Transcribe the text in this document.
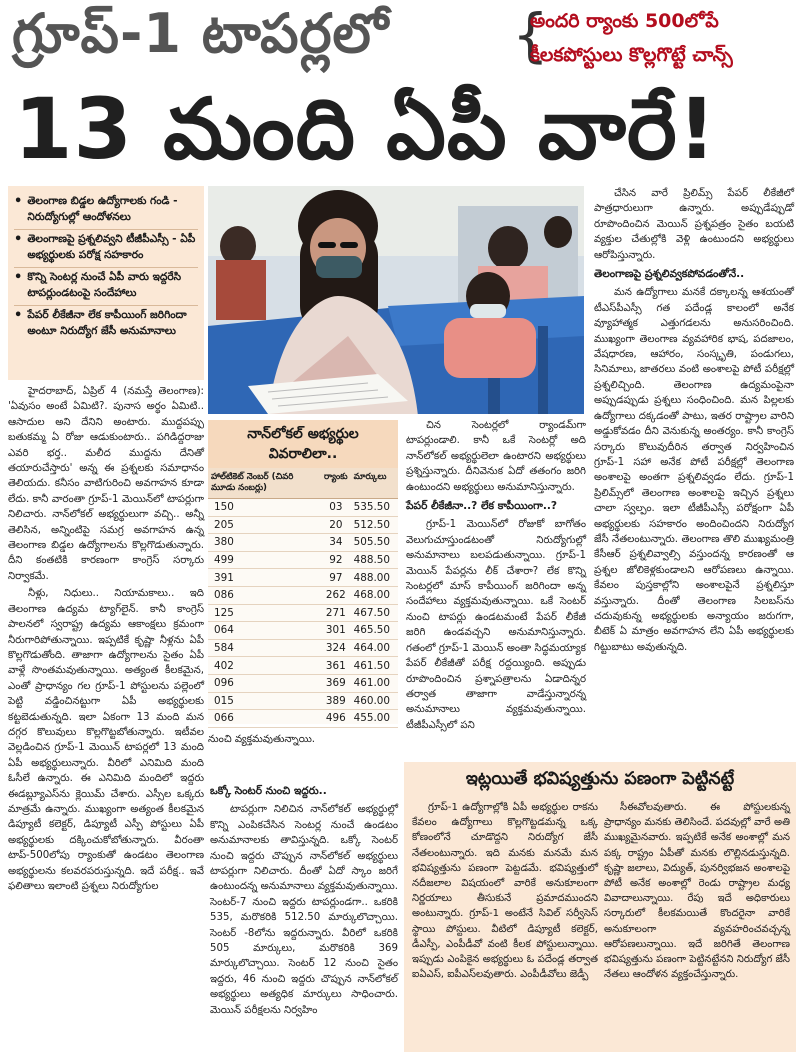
గ్రూప్‌-1 టాపర్లలో
13 మంది ఏపీ వారే!
{
అందరి ర్యాంకు 500లోపే
కీలకపోస్టులు కొల్లగొట్టే చాన్స్‌
• తెలంగాణ బిడ్డల ఉద్యోగాలకు గండి - నిరుద్యోగుల్లో ఆందోళనలు
• తెలంగాణపై ప్రశ్నలివ్వని టీజీపీఎస్సీ - ఏపీ అభ్యర్థులకు పరోక్ష సహకారం
• కొన్ని సెంటర్ల నుంచే ఏపీ వారు ఇద్దరేసి టాపర్లుండటంపై సందేహాలు
• పేపర్‌ లీకేజీనా లేక కాపీయింగ్‌ జరిగిందా అంటూ నిరుద్యోగ జేసీ అనుమానాలు
నాన్‌లోకల్‌ అభ్యర్థుల వివరాలిలా..
హాల్‌టికెట్‌ నెంబర్‌ (చివరి మూడు నంబర్లు)	ర్యాంకు	మార్కులు
150	03	535.50
205	20	512.50
380	34	505.50
499	92	488.50
391	97	488.00
086	262	468.00
125	271	467.50
064	301	465.50
584	324	464.00
402	361	461.50
096	369	461.00
015	389	460.00
066	496	455.00
నుంచి వ్యక్తమవుతున్నాయి.

హైదరాబాద్‌, ఏప్రిల్‌ 4 (నమస్తే తెలంగాణ): 'ఏవుసం అంటే ఏమిటి?. పునాస అర్థం ఏమిటి.. ఆసాదుల అని దేనిని అంటారు. ముద్దపప్పు బతుకమ్మ ఏ రోజు ఆడుకుంటారు.. పగిడిద్దరాజు ఎవరి భర్త.. మలీద ముద్దను దేనితో తయారుచేస్తారు' అన్న ఈ ప్రశ్నలకు సమాధానం తెలియదు. కనీసం వాటిగురించి అవగాహన కూడా లేదు. కానీ వారంతా గ్రూప్‌-1 మెయిన్‌లో టాపర్లుగా నిలిచారు. నాన్‌లోకల్‌ అభ్యర్థులుగా వచ్చి.. అన్నీ తెలిసిన, అన్నింటిపై సమగ్ర అవగాహన ఉన్న తెలంగాణ బిడ్డల ఉద్యోగాలను కొల్లగొడుతున్నారు. దీని కంతటికి కారణంగా కాంగ్రెస్‌ సర్కారు నిర్వాకమే.

నీళ్లు, నిధులు.. నియామకాలు.. ఇది తెలంగాణ ఉద్యమ ట్యాగ్‌లైన్‌. కానీ కాంగ్రెస్‌ పాలనలో స్వరాష్ట్ర ఉద్యమ ఆకాంక్షలు క్రమంగా నీరుగారిపోతున్నాయి. ఇప్పటికే కృష్ణా నీళ్లను ఏపీ కొల్లగొడుతోంది. తాజాగా ఉద్యోగాలను సైతం ఏపీ వాళ్లే సొంతమవుతున్నాయి. అత్యంత కీలకమైన, ఎంతో ప్రాధాన్యం గల గ్రూప్‌-1 పోస్టులను పల్లెంలో పెట్టి వడ్డించినట్టుగా ఏపీ అభ్యర్థులకు కట్టబెడుతున్నది. ఇలా ఏకంగా 13 మంది మన దగ్గర కొలువులు కొల్లగొట్టబోతున్నారు. ఇటీవల వెల్లడించిన గ్రూప్‌-1 మెయిన్‌ టాపర్లలో 13 మంది ఏపీ అభ్యర్థులున్నారు. వీరిలో ఎనిమిది మంది ఓసీలే ఉన్నారు. ఈ ఎనిమిది మందిలో ఇద్దరు ఈడబ్ల్యూఎస్‌ను క్లెయిమ్‌ చేశారు. ఎస్సీల ఒక్కరు మాత్రమే ఉన్నారు. ముఖ్యంగా అత్యంత కీలకమైన డిప్యూటీ కలెక్టర్‌, డిప్యూటీ ఎస్పీ పోస్టులు ఏపీ అభ్యర్థులకు దక్కించుకోబోతున్నారు. వీరంతా టాప్‌-500లోపు ర్యాంకుతో ఉండటం తెలంగాణ అభ్యర్థులను కలవరపరుస్తున్నది. ఇదే పరీక్ష.. ఇవే ఫలితాలు ఇలాంటి ప్రశ్నలు నిరుద్యోగుల

ఒక్కో సెంటర్‌ నుంచి ఇద్దరు..

టాపర్లుగా నిలిచిన నాన్‌లోకల్‌ అభ్యర్థుల్లో కొన్ని ఎంపికచేసిన సెంటర్ల నుంచే ఉండటం అనుమానాలకు తావిస్తున్నది. ఒక్కో సెంటర్‌ నుంచి ఇద్దరు చొప్పున నాన్‌లోకల్‌ అభ్యర్థులు టాపర్లుగా నిలిచారు. దీంతో ఏదో స్కాం జరిగే ఉంటుందన్న అనుమానాలు వ్యక్తమవుతున్నాయి. సెంటర్‌-7 నుంచి ఇద్దరు టాపర్లుండగా.. ఒకరికి 535, మరొకరికి 512.50 మార్కులొచ్చాయి. సెంటర్‌ -8లోను ఇద్దరున్నారు. వీరిలో ఒకరికి 505 మార్కులు, మరొకరికి 369 మార్కులొచ్చాయి. సెంటర్‌ 12 నుంచి సైతం ఇద్దరు, 46 నుంచి ఇద్దరు చొప్పున నాన్‌లోకల్‌ అభ్యర్థులు అత్యధిక మార్కులు సాధించారు. మెయిన్‌ పరీక్షలను నిర్వహిం

చిన సెంటర్లలో ర్యాండమ్‌గా టాపర్లుండాలి. కానీ ఒకే సెంటర్లో అది నాన్‌లోకల్‌ అభ్యర్థులెలా ఉంటారని అభ్యర్థులు ప్రశ్నిస్తున్నారు. దీనివెనుక ఏదో తతంగం జరిగి ఉంటుందని అభ్యర్థులు అనుమానిస్తున్నారు.

పేపర్‌ లీకేజీనా..? లేక కాపీయింగా..?

గ్రూప్‌-1 మెయిన్‌లో రోజుకో బాగోతం వెలుగుచూస్తుండటంతో నిరుద్యోగుల్లో అనుమానాలు బలపడుతున్నాయి. గ్రూప్‌-1 మెయిన్‌ పేపర్లను లీక్‌ చేశారా? లేక కొన్ని సెంటర్లలో మాస్‌ కాపీయింగ్‌ జరిగిందా అన్న సందేహాలు వ్యక్తమవుతున్నాయి. ఒకే సెంటర్‌ నుంచి టాపర్లు ఉండటమంటే పేపర్‌ లీకేజీ జరిగి ఉండవచ్చని అనుమానిస్తున్నారు. గతంలో గ్రూప్‌-1 మెయిన్‌ అంతా సిద్ధమయ్యాక పేపర్‌ లీకేజీతో పరీక్ష రద్దయ్యింది. అప్పుడు రూపొందించిన ప్రశ్నాపత్రాలను ఏడాదిన్నర తర్వాత తాజాగా వాడేస్తున్నారన్న అనుమానాలు వ్యక్తమవుతున్నాయి. టీజీపీఎస్సీలో పని

చేసిన వారే ప్రిలిమ్స్‌ పేపర్‌ లీకేజీలో పాత్రధారులుగా ఉన్నారు. అప్పుడేప్పుడో రూపొందించిన మెయిన్‌ ప్రశ్నపత్రం సైతం బయటి వ్యక్తుల చేతుల్లోకి వెళ్లి ఉంటుందని అభ్యర్థులు ఆరోపిస్తున్నారు.

తెలంగాణపై ప్రశ్నలివ్వకపోవడంతోనే..

మన ఉద్యోగాలు మనకే దక్కాలన్న ఆశయంతో టీఎస్‌పీఎస్సీ గత పదేండ్ల కాలంలో అనేక వ్యూహాత్మక ఎత్తుగడలను అనుసరించింది. ముఖ్యంగా తెలంగాణ వ్యవహారిక భాష, పదజాలం, వేషధారణ, ఆహారం, సంస్కృతి, పండుగలు, సినిమాలు, జాతరలు వంటి అంశాలపై పోటీ పరీక్షల్లో ప్రశ్నలిచ్చింది. తెలంగాణ ఉద్యమంపైనా అప్పుడప్పుడు ప్రశ్నలు సంధించింది. మన పిల్లలకు ఉద్యోగాలు దక్కడంతో పాటు, ఇతర రాష్ట్రాల వారిని అడ్డుకోవడం దీని వెనుకున్న అంతర్యం. కానీ కాంగ్రెస్‌ సర్కారు కొలువుదీరిన తర్వాత నిర్వహించిన గ్రూప్‌-1 సహా అనేక పోటీ పరీక్షల్లో తెలంగాణ అంశాలపై అంతగా ప్రశ్నలివ్వడం లేదు. గ్రూప్‌-1 ప్రిలిమ్స్‌లో తెలంగాణ అంశాలపై ఇచ్చిన ప్రశ్నలు చాలా స్వల్పం. ఇలా టీజీపీఎస్సీ పరోక్షంగా ఏపీ అభ్యర్థులకు సహకారం అందించిందని నిరుద్యోగ జేసీ నేతలంటున్నారు. తెలంగాణ తొలి ముఖ్యమంత్రి కేసీఆర్‌ ప్రశ్నలివ్వాల్సి వస్తుందన్న కారణంతో ఆ ప్రశ్నల జోలికెళ్లకుండాలని ఆరోపణలు ఉన్నాయి. కేవలం పుస్తకాల్లోని అంశాలపైనే ప్రశ్నలిస్తూ వస్తున్నారు. దీంతో తెలంగాణ సిలబస్‌ను చదువుకున్న అభ్యర్థులకు అన్యాయం జరుగగా, బీటెక్‌ ఏ మాత్రం అవగాహన లేని ఏపీ అభ్యర్థులకు గిట్టుబాటు అవుతున్నది.

ఇట్లయితే భవిష్యత్తును పణంగా పెట్టినట్టే

గ్రూప్‌-1 ఉద్యోగాల్లోకి ఏపీ అభ్యర్థుల రాకను కేవలం ఉద్యోగాలు కొల్లగొట్టడమన్న ఒక్క కోణంలోనే చూడొద్దని నిరుద్యోగ జేసీ నేతలంటున్నారు. ఇది మనకు మనమే మన భవిష్యత్తును పణంగా పెట్టడమే. భవిష్యత్తులో నదీజలాల విషయంలో వారికే అనుకూలంగా నిర్ణయాలు తీసుకునే ప్రమాదముందని అంటున్నారు. గ్రూప్‌-1 అంటేనే సివిల్‌ సర్వీసెస్‌ స్థాయి పోస్టులు. వీటిలో డిప్యూటీ కలెక్టర్‌, డీఎస్పీ, ఎంపీడీవో వంటి కీలక పోస్టులున్నాయి. ఇప్పుడు ఎంపికైన అభ్యర్థులు ఓ పదేండ్ల తర్వాత ఐఏఎస్‌, ఐపీఎస్‌లవుతారు. ఎంపీడీవోలు జెడ్పీ

సీఈవోలవుతారు. ఈ పోస్టులకున్న ప్రాధాన్యం మనకు తెలిసిందే. పదవుల్లో వారే అతి ముఖ్యమైనవారు. ఇప్పటికే అనేక అంశాల్లో మన పక్క రాష్ట్రం ఏపీతో మనకు లొల్లినడుస్తున్నది. కృష్ణా జలాలు, విద్యుత్‌, పునర్విభజన అంశాలపై పోటీ అనేక అంశాల్లో రెండు రాష్ట్రాల మధ్య వివాదాలున్నాయి. రేపు ఇదే అధికారులు సర్కారులో కీలకమయితే కొందరైనా వారికే అనుకూలంగా వ్యవహరించవచ్చన్న ఆరోపణలున్నాయి. ఇదే జరిగితే తెలంగాణ భవిష్యత్తును పణంగా పెట్టినట్టేనని నిరుద్యోగ జేసీ నేతలు ఆందోళన వ్యక్తంచేస్తున్నారు.
